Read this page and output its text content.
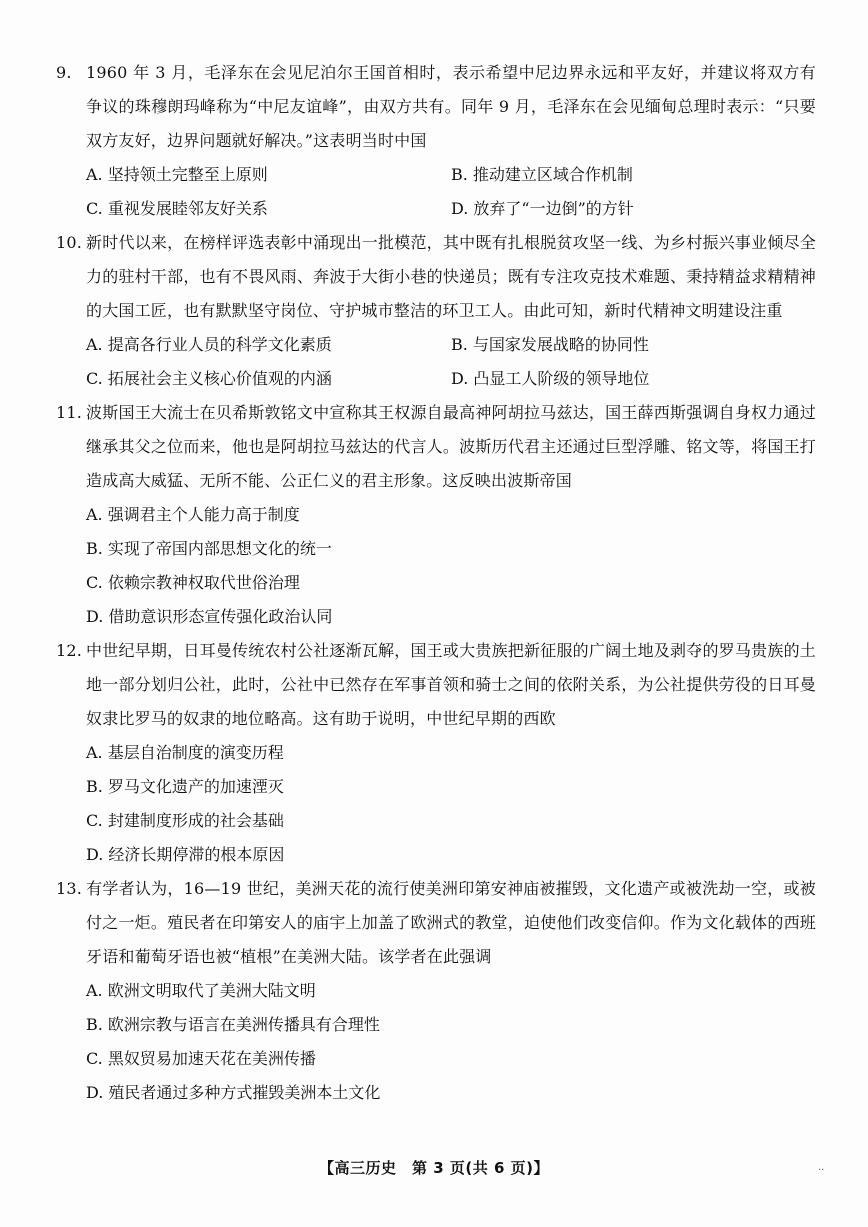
9. 1960 年 3 月，毛泽东在会见尼泊尔王国首相时，表示希望中尼边界永远和平友好，并建议将双方有争议的珠穆朗玛峰称为“中尼友谊峰”，由双方共有。同年 9 月，毛泽东在会见缅甸总理时表示：“只要双方友好，边界问题就好解决。”这表明当时中国
A. 坚持领土完整至上原则	B. 推动建立区域合作机制
C. 重视发展睦邻友好关系	D. 放弃了“一边倒”的方针
10. 新时代以来，在榜样评选表彰中涌现出一批模范，其中既有扎根脱贫攻坚一线、为乡村振兴事业倾尽全力的驻村干部，也有不畏风雨、奔波于大街小巷的快递员；既有专注攻克技术难题、秉持精益求精精神的大国工匠，也有默默坚守岗位、守护城市整洁的环卫工人。由此可知，新时代精神文明建设注重
A. 提高各行业人员的科学文化素质	B. 与国家发展战略的协同性
C. 拓展社会主义核心价值观的内涵	D. 凸显工人阶级的领导地位
11. 波斯国王大流士在贝希斯敦铭文中宣称其王权源自最高神阿胡拉马兹达，国王薛西斯强调自身权力通过继承其父之位而来，他也是阿胡拉马兹达的代言人。波斯历代君主还通过巨型浮雕、铭文等，将国王打造成高大威猛、无所不能、公正仁义的君主形象。这反映出波斯帝国
A. 强调君主个人能力高于制度
B. 实现了帝国内部思想文化的统一
C. 依赖宗教神权取代世俗治理
D. 借助意识形态宣传强化政治认同
12. 中世纪早期，日耳曼传统农村公社逐渐瓦解，国王或大贵族把新征服的广阔土地及剥夺的罗马贵族的土地一部分划归公社，此时，公社中已然存在军事首领和骑士之间的依附关系，为公社提供劳役的日耳曼奴隶比罗马的奴隶的地位略高。这有助于说明，中世纪早期的西欧
A. 基层自治制度的演变历程
B. 罗马文化遗产的加速湮灭
C. 封建制度形成的社会基础
D. 经济长期停滞的根本原因
13. 有学者认为，16—19 世纪，美洲天花的流行使美洲印第安神庙被摧毁，文化遗产或被洗劫一空，或被付之一炬。殖民者在印第安人的庙宇上加盖了欧洲式的教堂，迫使他们改变信仰。作为文化载体的西班牙语和葡萄牙语也被“植根”在美洲大陆。该学者在此强调
A. 欧洲文明取代了美洲大陆文明
B. 欧洲宗教与语言在美洲传播具有合理性
C. 黑奴贸易加速天花在美洲传播
D. 殖民者通过多种方式摧毁美洲本土文化
【高三历史　第 3 页(共 6 页)】	..
